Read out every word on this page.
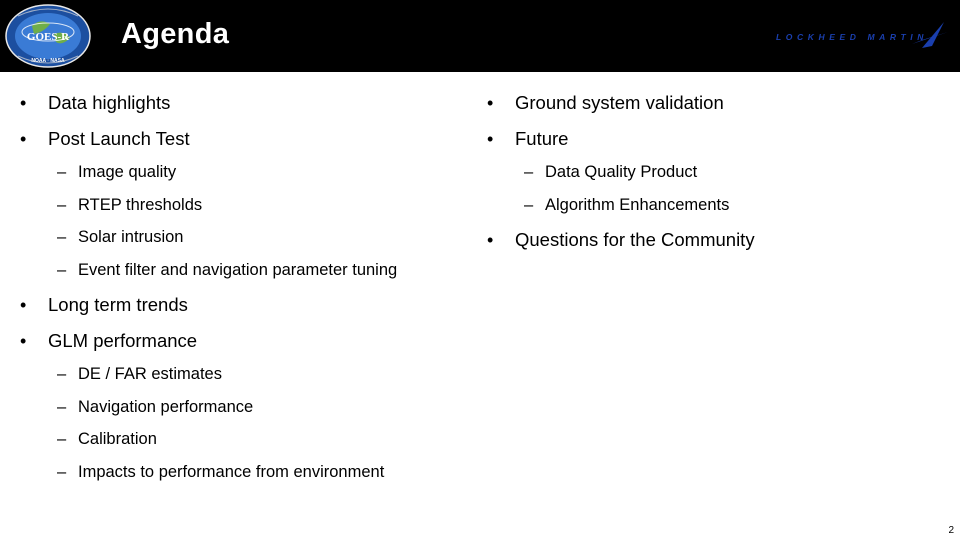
GOES-R
NOAA · NASA
Agenda	LOCKHEED MARTIN
•	Data highlights
•	Post Launch Test
– Image quality
– RTEP thresholds
– Solar intrusion
– Event filter and navigation parameter tuning
•	Long term trends
•	GLM performance
– DE / FAR estimates
– Navigation performance
– Calibration
– Impacts to performance from environment
•	Ground system validation
•	Future
– Data Quality Product
– Algorithm Enhancements
•	Questions for the Community
2
